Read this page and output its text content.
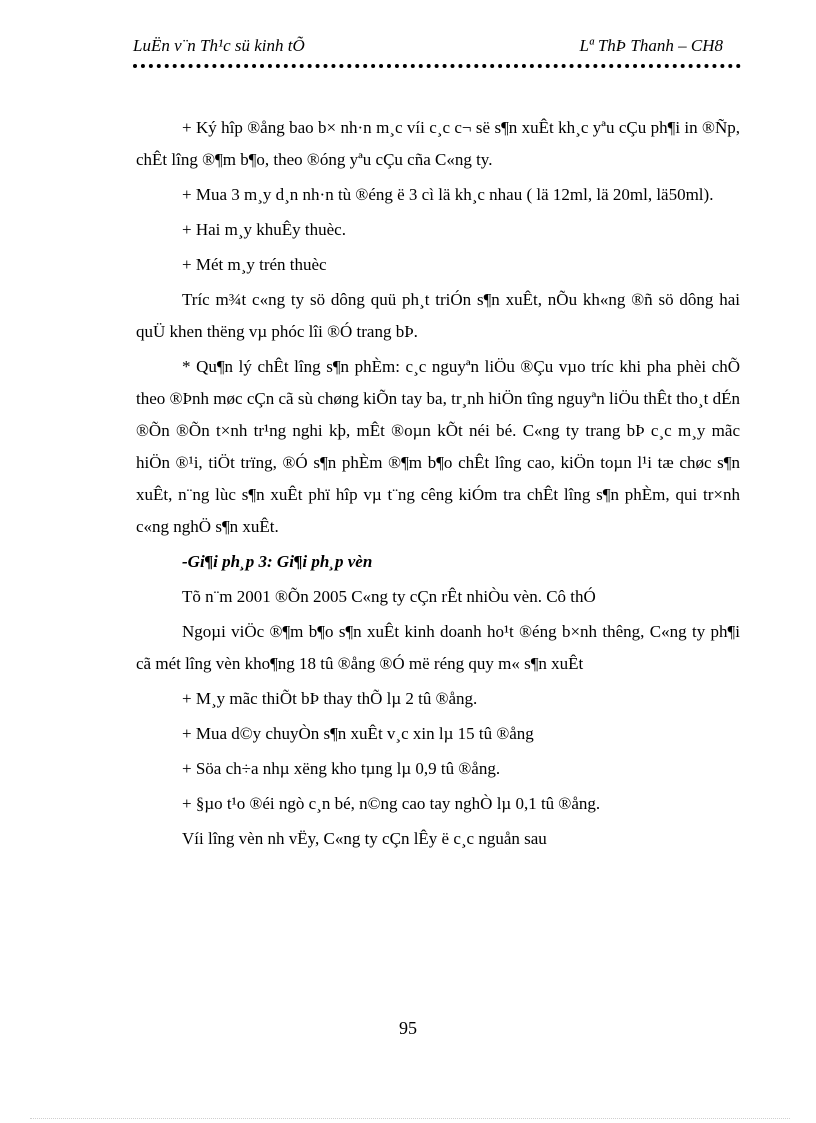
LuËn v¨n Th¹c sü kinh tÕ	Lª ThÞ Thanh – CH8

+ Ký hîp ®ång bao b× nh·n m¸c víi c¸c c¬ së s¶n xuÊt kh¸c yªu cÇu ph¶i in ®Ñp, chÊt lîng ®¶m b¶o, theo ®óng yªu cÇu cña C«ng ty.

+ Mua 3 m¸y d¸n nh·n tù ®éng ë 3 cì lä kh¸c nhau ( lä 12ml, lä 20ml, lä50ml).

+ Hai m¸y khuÊy thuèc.

+ Mét m¸y trén thuèc

Tríc m¾t c«ng ty sö dông quü ph¸t triÓn s¶n xuÊt, nÕu kh«ng ®ñ sö dông hai quÜ khen thëng vµ phóc lîi ®Ó trang bÞ.

* Qu¶n lý chÊt lîng s¶n phÈm: c¸c nguyªn liÖu ®Çu vµo tríc khi pha phèi chÕ theo ®Þnh møc cÇn cã sù chøng kiÕn tay ba, tr¸nh hiÖn tîng nguyªn liÖu thÊt tho¸t dÉn ®Õn ®Õn t×nh tr¹ng nghi kþ, mÊt ®oµn kÕt néi bé. C«ng ty trang bÞ c¸c m¸y mãc hiÖn ®¹i, tiÖt trïng, ®Ó s¶n phÈm ®¶m b¶o chÊt lîng cao, kiÖn toµn l¹i tæ chøc s¶n xuÊt, n¨ng lùc s¶n xuÊt phï hîp vµ t¨ng cêng kiÓm tra chÊt lîng s¶n phÈm, qui tr×nh c«ng nghÖ s¶n xuÊt.

-Gi¶i ph¸p 3: Gi¶i ph¸p vèn

Tõ n¨m 2001 ®Õn 2005 C«ng ty cÇn rÊt nhiÒu vèn. Cô thÓ

Ngoµi viÖc ®¶m b¶o s¶n xuÊt kinh doanh ho¹t ®éng b×nh thêng, C«ng ty ph¶i cã mét lîng vèn kho¶ng 18 tû ®ång ®Ó më réng quy m« s¶n xuÊt

+ M¸y mãc thiÕt bÞ thay thÕ lµ 2 tû ®ång.

+ Mua d©y chuyÒn s¶n xuÊt v¸c xin lµ 15 tû ®ång

+ Söa ch÷a nhµ xëng kho tµng lµ 0,9 tû ®ång.

+ §µo t¹o ®éi ngò c¸n bé, n©ng cao tay nghÒ lµ 0,1 tû ®ång.

Víi lîng vèn nh vËy, C«ng ty cÇn lÊy ë c¸c nguån sau

95
